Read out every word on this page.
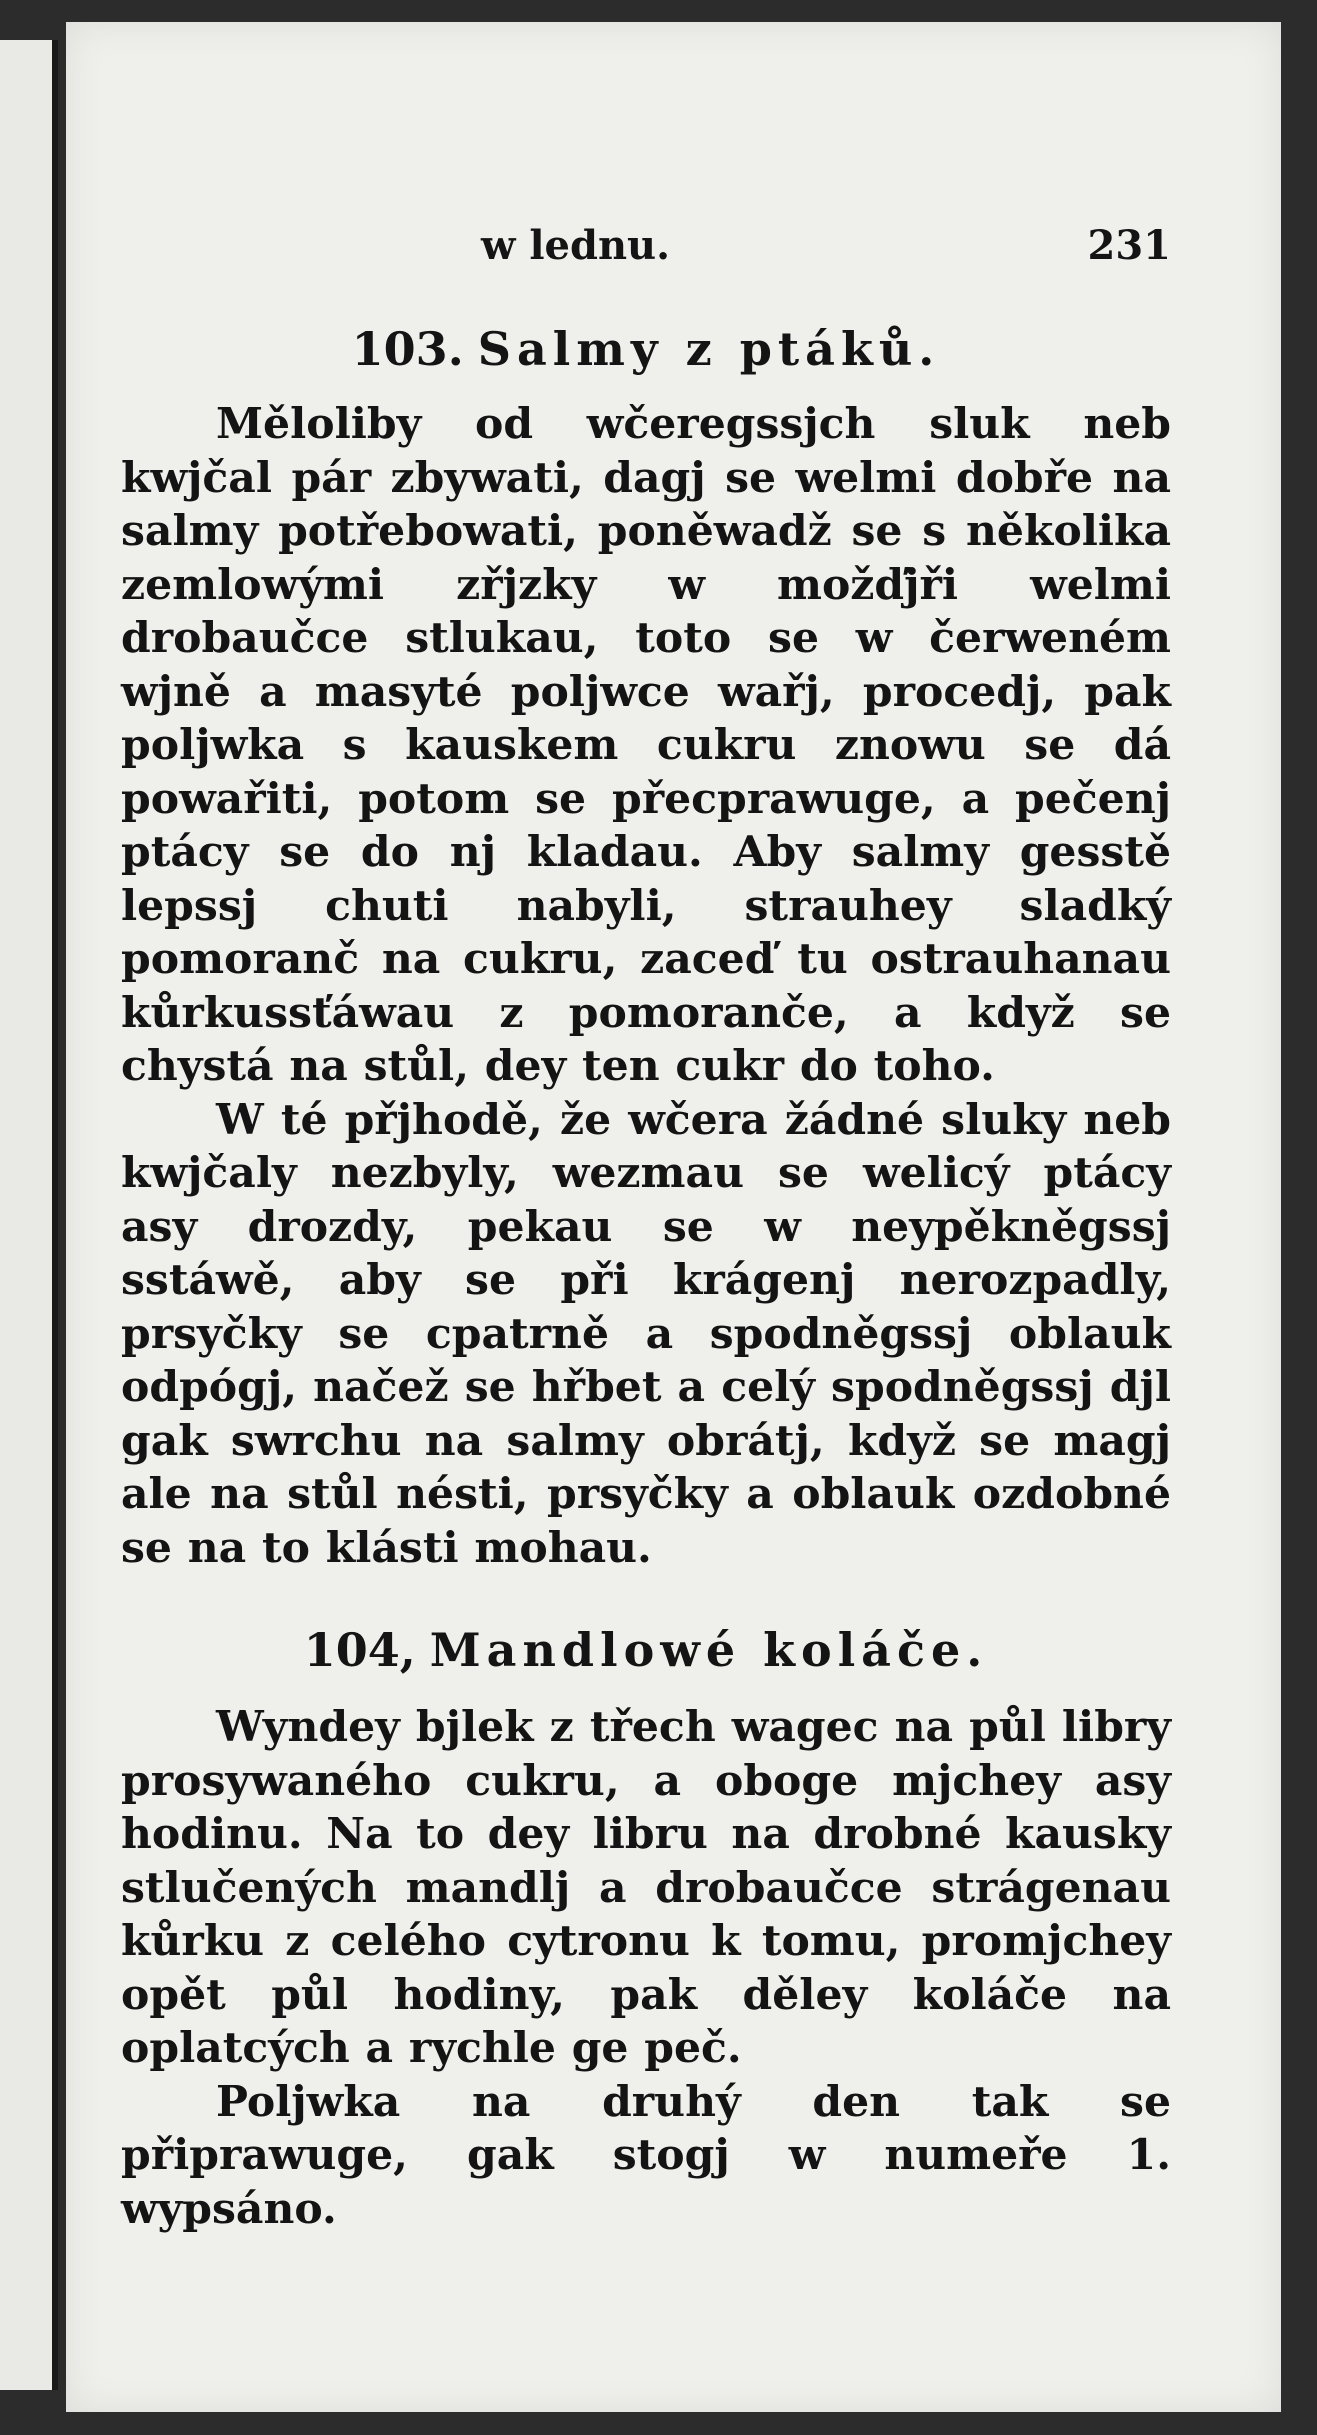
w lednu.	231
103. Salmy z ptáků.

Měloliby od wčeregssjch sluk neb kwjčal pár zbywati, dagj se welmi dobře na salmy potřebowati, poněwadž se s několika zemlowými zřjzky w možďjři welmi drobaučce stlukau, toto se w čerweném wjně a masyté poljwce wařj, procedj, pak poljwka s kauskem cukru znowu se dá powařiti, potom se přecprawuge, a pečenj ptácy se do nj kladau. Aby salmy gesstě lepssj chuti nabyli, strauhey sladký pomoranč na cukru, zaceď tu ostrauhanau kůrkussťáwau z pomoranče, a když se chystá na stůl, dey ten cukr do toho.

W té přjhodě, že wčera žádné sluky neb kwjčaly nezbyly, wezmau se welicý ptácy asy drozdy, pekau se w neypěkněgssj sstáwě, aby se při krágenj nerozpadly, prsyčky se cpatrně a spodněgssj oblauk odpógj, načež se hřbet a celý spodněgssj djl gak swrchu na salmy obrátj, když se magj ale na stůl nésti, prsyčky a oblauk ozdobné se na to klásti mohau.

104, Mandlowé koláče.

Wyndey bjlek z třech wagec na půl libry prosywaného cukru, a oboge mjchey asy hodinu. Na to dey libru na drobné kausky stlučených mandlj a drobaučce strágenau kůrku z celého cytronu k tomu, promjchey opět půl hodiny, pak děley koláče na oplatcých a rychle ge peč.

Poljwka na druhý den tak se připrawuge, gak stogj w numeře 1. wypsáno.
